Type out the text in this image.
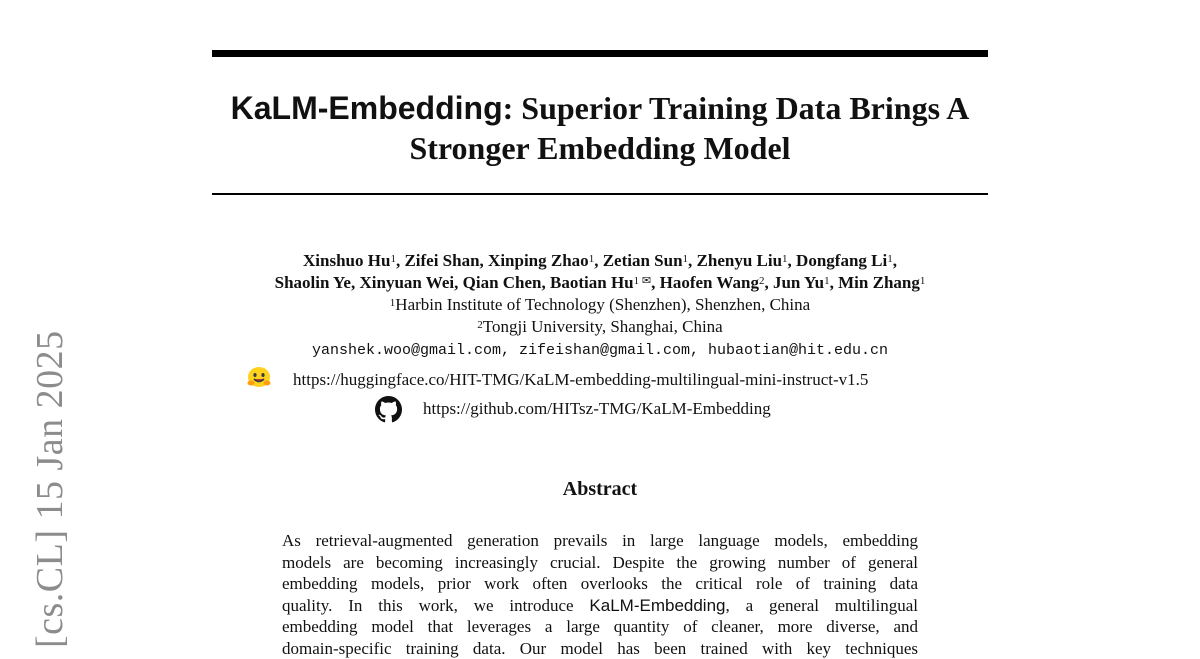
[cs.CL] 15 Jan 2025
KaLM-Embedding: Superior Training Data Brings A
Stronger Embedding Model
Xinshuo Hu$^1$, Zifei Shan, Xinping Zhao$^1$, Zetian Sun$^1$, Zhenyu Liu$^1$, Dongfang Li$^1$,
Shaolin Ye, Xinyuan Wei, Qian Chen, Baotian $Hu^{1 ✉}$, Haofen Wang$^2$, Jun Yu$^1$, Min Zhang$^1$
$^1$Harbin Institute of Technology (Shenzhen), Shenzhen, China
$^2$Tongji University, Shanghai, China
yanshek.woo@gmail.com, zifeishan@gmail.com, hubaotian@hit.edu.cn
https://huggingface.co/HIT-TMG/KaLM-embedding-multilingual-mini-instruct-v1.5
https://github.com/HITsz-TMG/KaLM-Embedding
Abstract
As retrieval-augmented generation prevails in large language models, embedding
models are becoming increasingly crucial. Despite the growing number of general
embedding models, prior work often overlooks the critical role of training data
quality. In this work, we introduce KaLM-Embedding, a general multilingual
embedding model that leverages a large quantity of cleaner, more diverse, and
domain-specific training data. Our model has been trained with key techniques
